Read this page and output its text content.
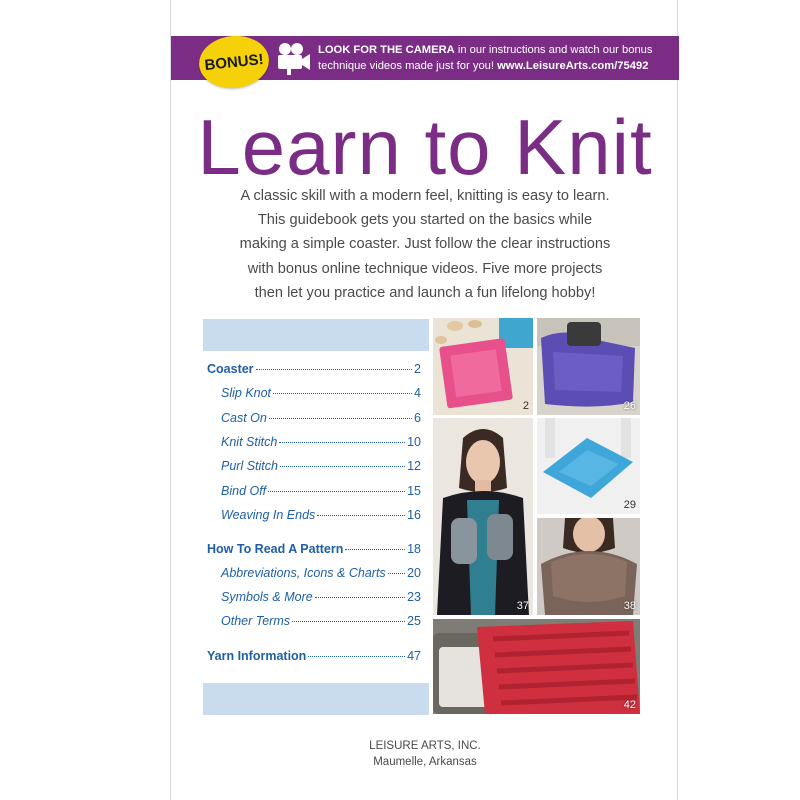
BONUS!
LOOK FOR THE CAMERA in our instructions and watch our bonus
technique videos made just for you! www.LeisureArts.com/75492
Learn to Knit
A classic skill with a modern feel, knitting is easy to learn.
This guidebook gets you started on the basics while
making a simple coaster. Just follow the clear instructions
with bonus online technique videos. Five more projects
then let you practice and launch a fun lifelong hobby!
Coaster	2
Slip Knot	4
Cast On	6
Knit Stitch	10
Purl Stitch	12
Bind Off	15
Weaving In Ends	16
How To Read A Pattern	18
Abbreviations, Icons & Charts 20
Symbols & More	23
Other Terms	25
Yarn Information	47
2	26
37
29
38
42
LEISURE ARTS, INC.
Maumelle, Arkansas
